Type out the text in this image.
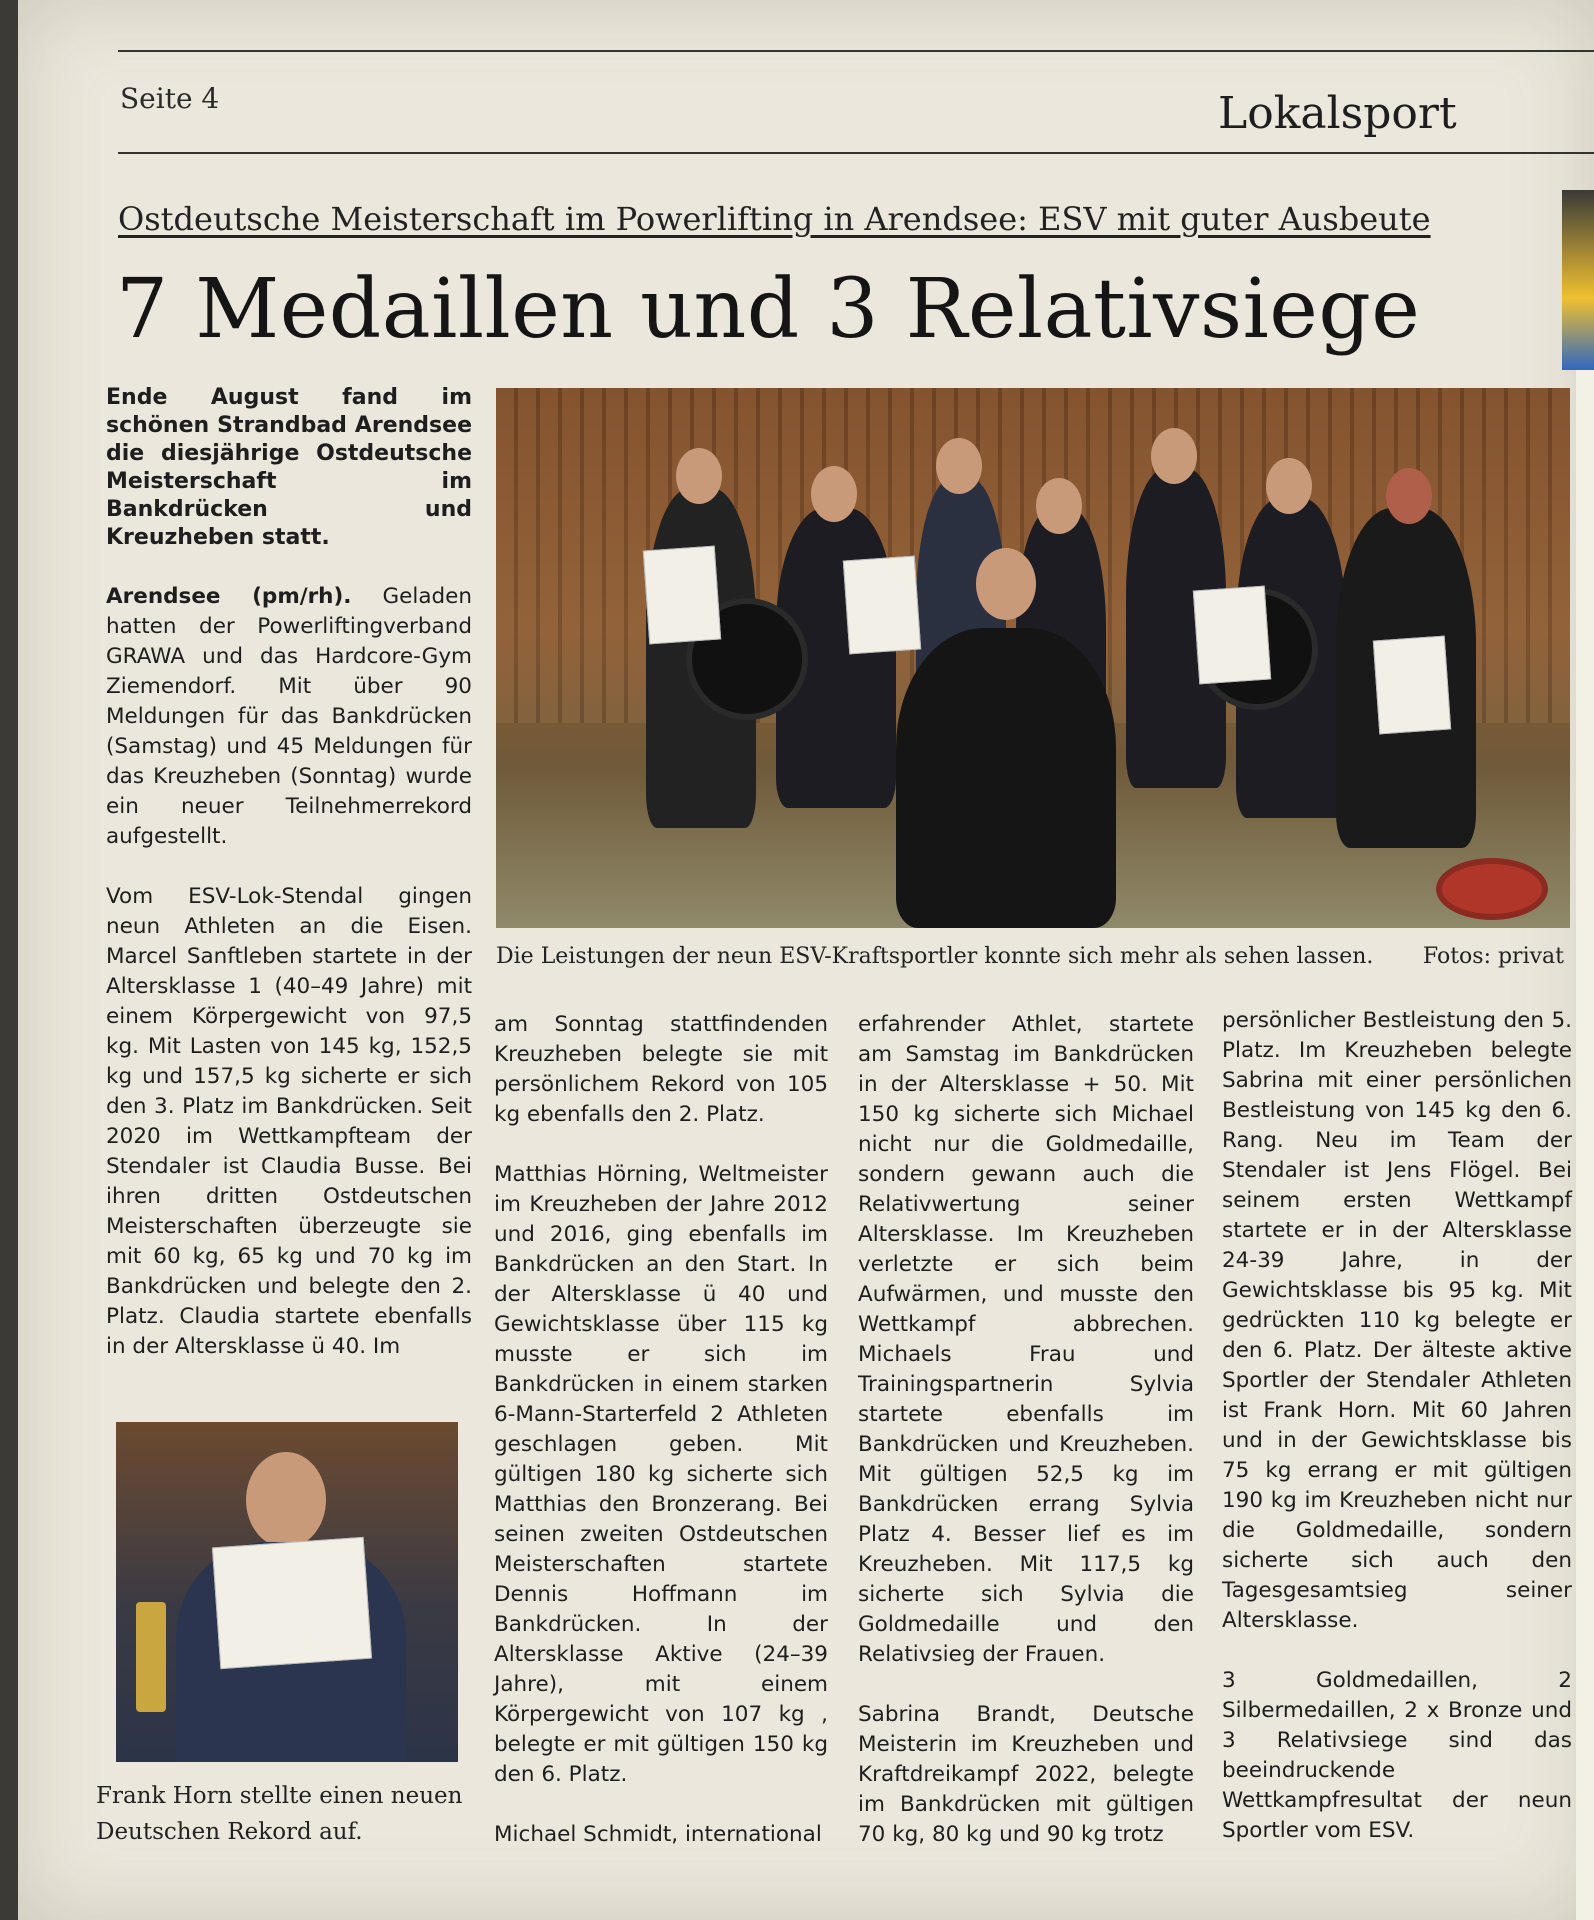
Seite 4	Lokalsport
Ostdeutsche Meisterschaft im Powerlifting in Arendsee: ESV mit guter Ausbeute
7 Medaillen und 3 Relativsiege

Ende August fand im schönen Strandbad Arendsee die diesjährige Ostdeutsche Meisterschaft im Bankdrücken und Kreuzheben statt.

Arendsee (pm/rh). Geladen hatten der Powerliftingverband GRAWA und das Hardcore-Gym Ziemendorf. Mit über 90 Meldungen für das Bankdrücken (Samstag) und 45 Meldungen für das Kreuzheben (Sonntag) wurde ein neuer Teilnehmerrekord aufgestellt.

Vom ESV-Lok-Stendal gingen neun Athleten an die Eisen. Marcel Sanftleben startete in der Altersklasse 1 (40–49 Jahre) mit einem Körpergewicht von 97,5 kg. Mit Lasten von 145 kg, 152,5 kg und 157,5 kg sicherte er sich den 3. Platz im Bankdrücken. Seit 2020 im Wettkampfteam der Stendaler ist Claudia Busse. Bei ihren dritten Ostdeutschen Meisterschaften überzeugte sie mit 60 kg, 65 kg und 70 kg im Bankdrücken und belegte den 2. Platz. Claudia startete ebenfalls in der Altersklasse ü 40. Im

Die Leistungen der neun ESV-Kraftsportler konnte sich mehr als sehen lassen. Fotos: privat

am Sonntag stattfindenden Kreuzheben belegte sie mit persönlichem Rekord von 105 kg ebenfalls den 2. Platz.

Matthias Hörning, Weltmeister im Kreuzheben der Jahre 2012 und 2016, ging ebenfalls im Bankdrücken an den Start. In der Altersklasse ü 40 und Gewichtsklasse über 115 kg musste er sich im Bankdrücken in einem starken 6-Mann-Starterfeld 2 Athleten geschlagen geben. Mit gültigen 180 kg sicherte sich Matthias den Bronzerang. Bei seinen zweiten Ostdeutschen Meisterschaften startete Dennis Hoffmann im Bankdrücken. In der Altersklasse Aktive (24–39 Jahre), mit einem Körpergewicht von 107 kg , belegte er mit gültigen 150 kg den 6. Platz.

Michael Schmidt, international

erfahrender Athlet, startete am Samstag im Bankdrücken in der Altersklasse + 50. Mit 150 kg sicherte sich Michael nicht nur die Goldmedaille, sondern gewann auch die Relativwertung seiner Altersklasse. Im Kreuzheben verletzte er sich beim Aufwärmen, und musste den Wettkampf abbrechen. Michaels Frau und Trainingspartnerin Sylvia startete ebenfalls im Bankdrücken und Kreuzheben. Mit gültigen 52,5 kg im Bankdrücken errang Sylvia Platz 4. Besser lief es im Kreuzheben. Mit 117,5 kg sicherte sich Sylvia die Goldmedaille und den Relativsieg der Frauen.

Sabrina Brandt, Deutsche Meisterin im Kreuzheben und Kraftdreikampf 2022, belegte im Bankdrücken mit gültigen 70 kg, 80 kg und 90 kg trotz

persönlicher Bestleistung den 5. Platz. Im Kreuzheben belegte Sabrina mit einer persönlichen Bestleistung von 145 kg den 6. Rang. Neu im Team der Stendaler ist Jens Flögel. Bei seinem ersten Wettkampf startete er in der Altersklasse 24-39 Jahre, in der Gewichtsklasse bis 95 kg. Mit gedrückten 110 kg belegte er den 6. Platz. Der älteste aktive Sportler der Stendaler Athleten ist Frank Horn. Mit 60 Jahren und in der Gewichtsklasse bis 75 kg errang er mit gültigen 190 kg im Kreuzheben nicht nur die Goldmedaille, sondern sicherte sich auch den Tagesgesamtsieg seiner Altersklasse.

3 Goldmedaillen, 2 Silbermedaillen, 2 x Bronze und 3 Relativsiege sind das beeindruckende Wettkampfresultat der neun Sportler vom ESV.

Frank Horn stellte einen neuen Deutschen Rekord auf.
